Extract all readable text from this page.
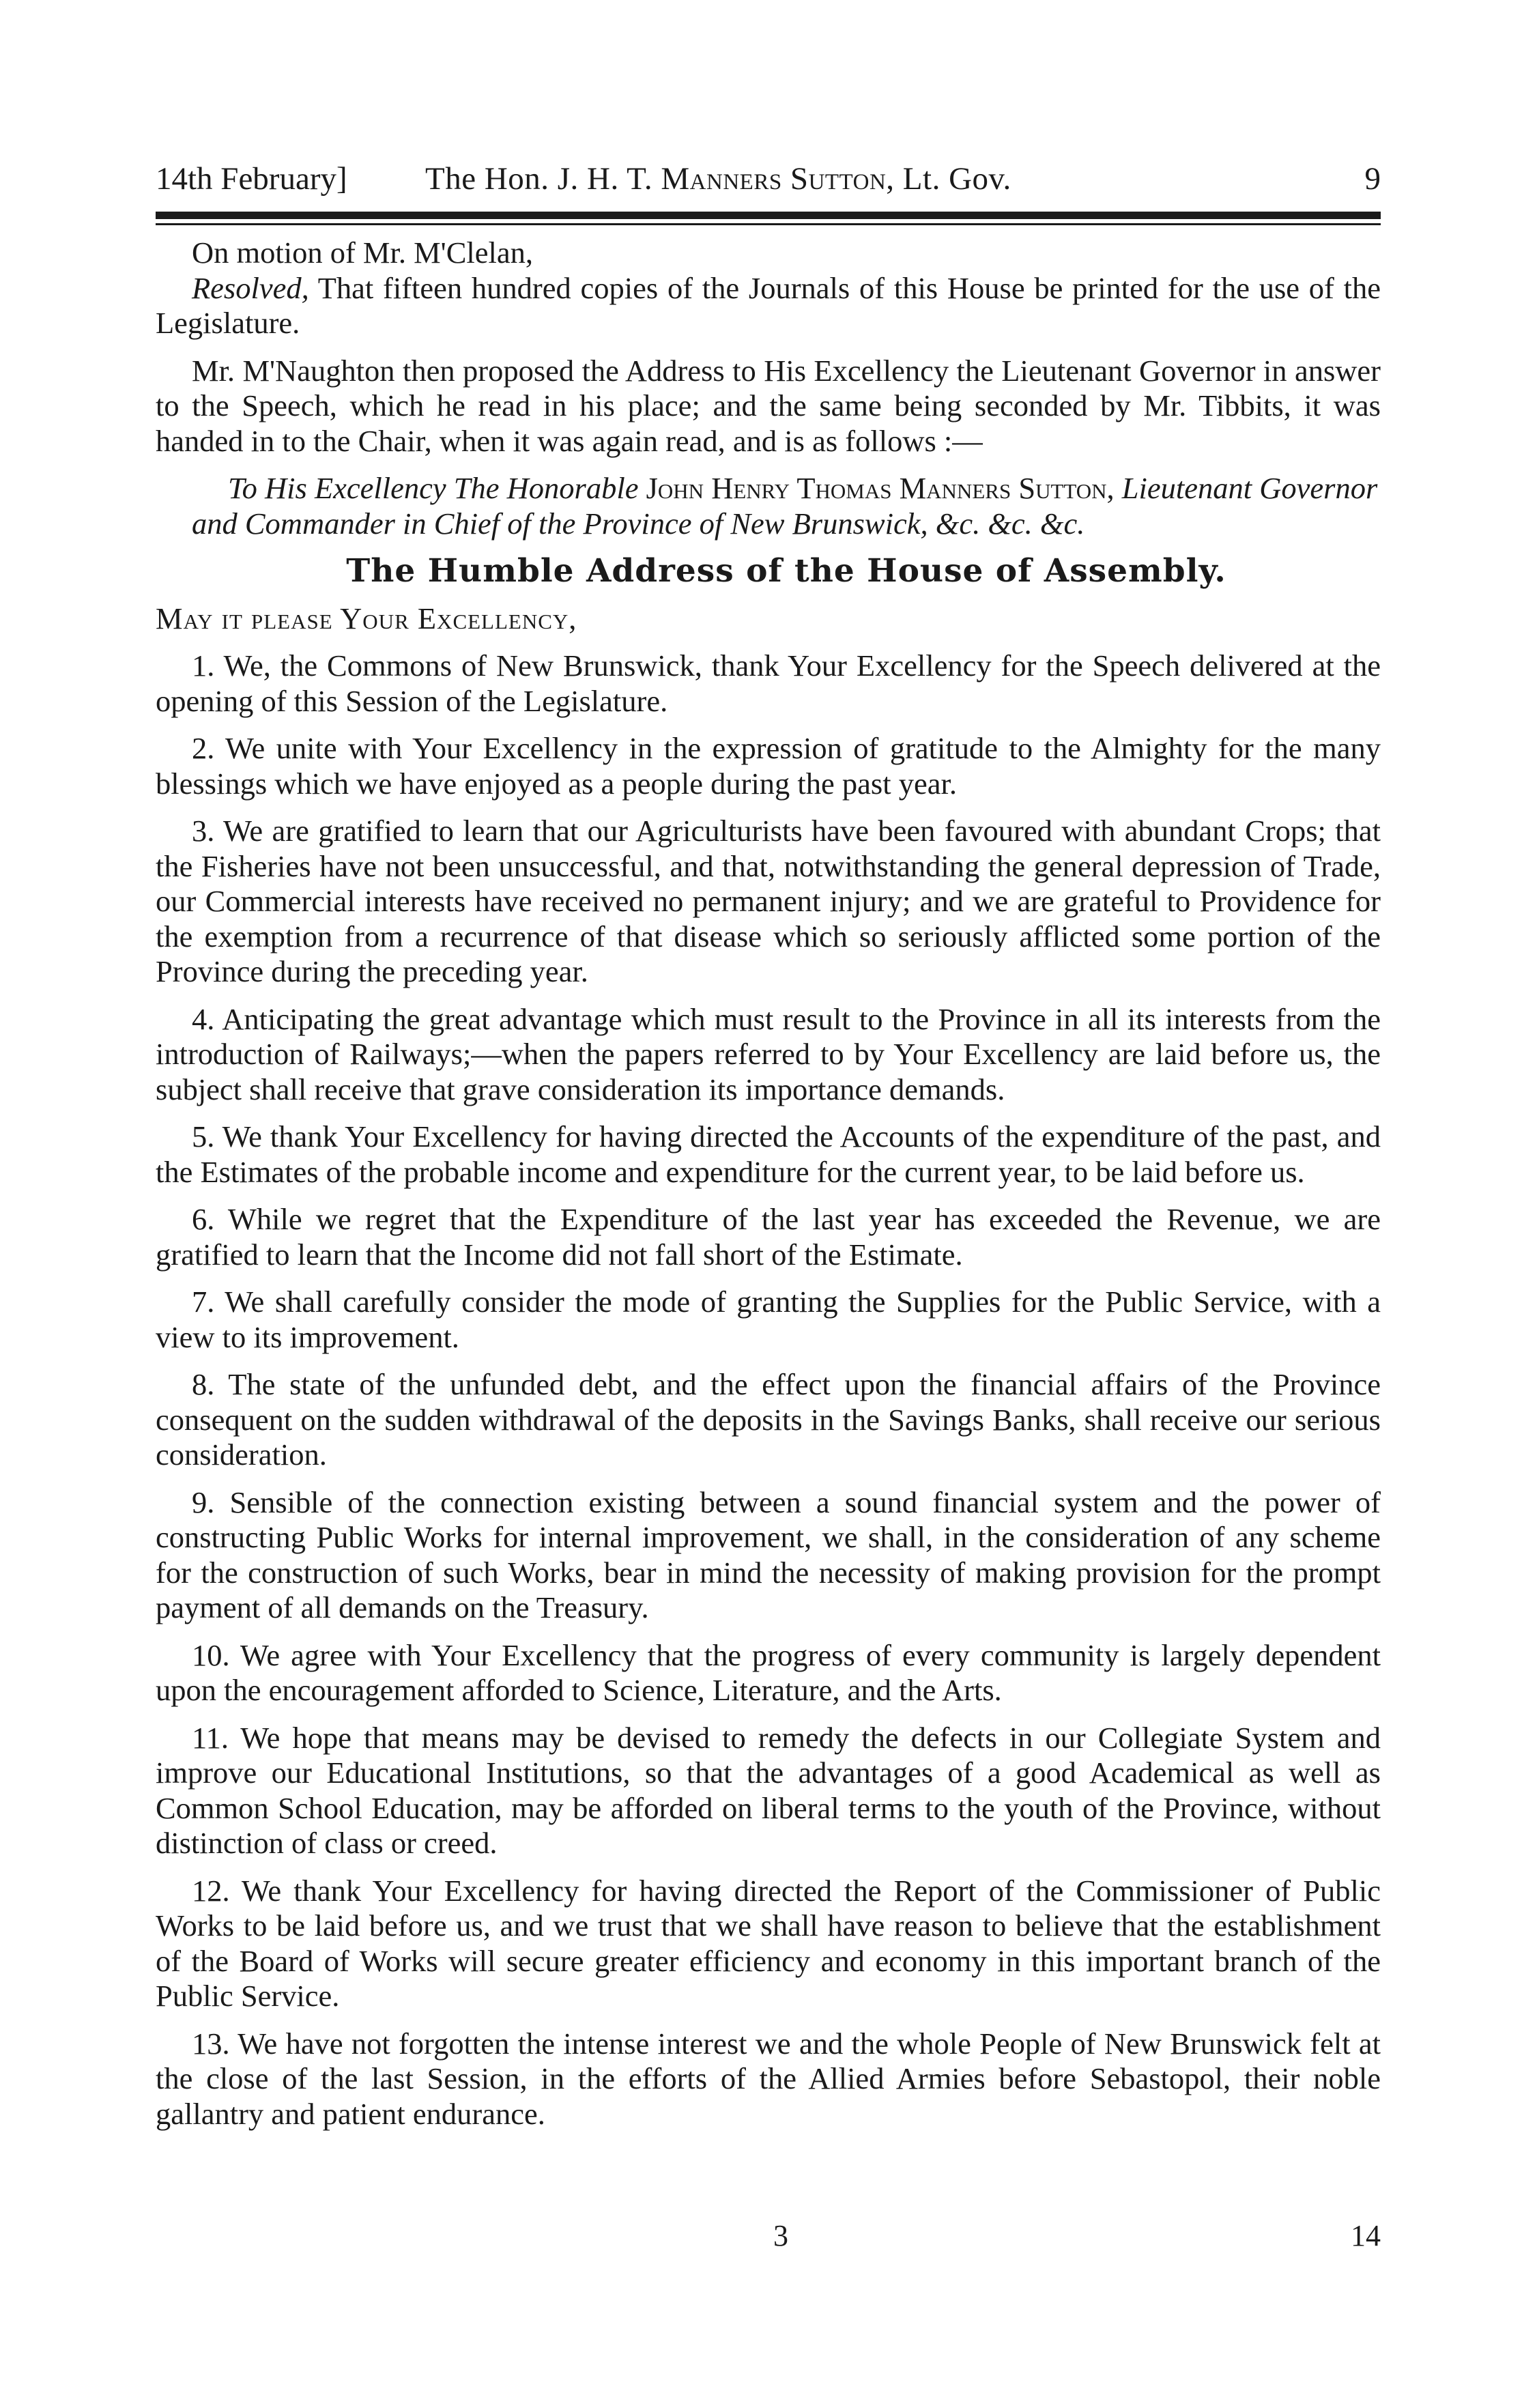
14th February] The Hon. J. H. T. Manners Sutton, Lt. Gov.	9

On motion of Mr. M'Clelan,

Resolved, That fifteen hundred copies of the Journals of this House be printed for the use of the Legislature.

Mr. M'Naughton then proposed the Address to His Excellency the Lieutenant Governor in answer to the Speech, which he read in his place; and the same being seconded by Mr. Tibbits, it was handed in to the Chair, when it was again read, and is as follows :—

To His Excellency The Honorable John Henry Thomas Manners Sutton, Lieutenant Governor and Commander in Chief of the Province of New Brunswick, &c. &c. &c.

The Humble Address of the House of Assembly.

May it please Your Excellency,

1. We, the Commons of New Brunswick, thank Your Excellency for the Speech delivered at the opening of this Session of the Legislature.

2. We unite with Your Excellency in the expression of gratitude to the Almighty for the many blessings which we have enjoyed as a people during the past year.

3. We are gratified to learn that our Agriculturists have been favoured with abundant Crops; that the Fisheries have not been unsuccessful, and that, notwithstanding the general depression of Trade, our Commercial interests have received no permanent injury; and we are grateful to Providence for the exemption from a recurrence of that disease which so seriously afflicted some portion of the Province during the preceding year.

4. Anticipating the great advantage which must result to the Province in all its interests from the introduction of Railways;—when the papers referred to by Your Excellency are laid before us, the subject shall receive that grave consideration its importance demands.

5. We thank Your Excellency for having directed the Accounts of the expenditure of the past, and the Estimates of the probable income and expenditure for the current year, to be laid before us.

6. While we regret that the Expenditure of the last year has exceeded the Revenue, we are gratified to learn that the Income did not fall short of the Estimate.

7. We shall carefully consider the mode of granting the Supplies for the Public Service, with a view to its improvement.

8. The state of the unfunded debt, and the effect upon the financial affairs of the Province consequent on the sudden withdrawal of the deposits in the Savings Banks, shall receive our serious consideration.

9. Sensible of the connection existing between a sound financial system and the power of constructing Public Works for internal improvement, we shall, in the consideration of any scheme for the construction of such Works, bear in mind the necessity of making provision for the prompt payment of all demands on the Treasury.

10. We agree with Your Excellency that the progress of every community is largely dependent upon the encouragement afforded to Science, Literature, and the Arts.

11. We hope that means may be devised to remedy the defects in our Collegiate System and improve our Educational Institutions, so that the advantages of a good Academical as well as Common School Education, may be afforded on liberal terms to the youth of the Province, without distinction of class or creed.

12. We thank Your Excellency for having directed the Report of the Commissioner of Public Works to be laid before us, and we trust that we shall have reason to believe that the establishment of the Board of Works will secure greater efficiency and economy in this important branch of the Public Service.

13. We have not forgotten the intense interest we and the whole People of New Brunswick felt at the close of the last Session, in the efforts of the Allied Armies before Sebastopol, their noble gallantry and patient endurance.

3	14
